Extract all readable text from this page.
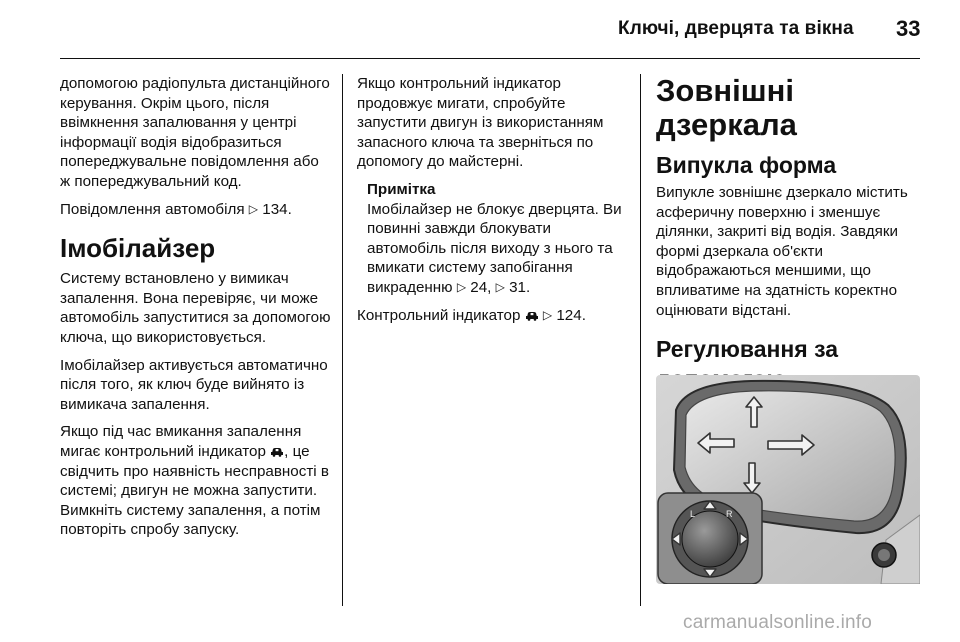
Ключі, дверцята та вікна 33

допомогою радіопульта дистанційного керування. Окрім цього, після ввімкнення запалювання у центрі інформації водія відобразиться попереджувальне повідомлення або ж попереджувальний код.

Повідомлення автомобіля ▷ 134.

Імобілайзер

Систему встановлено у вимикач запалення. Вона перевіряє, чи може автомобіль запуститися за допомогою ключа, що використовується.

Імобілайзер активується автоматично після того, як ключ буде вийнято із вимикача запалення.

Якщо під час вмикання запалення мигає контрольний індикатор , це свідчить про наявність несправності в системі; двигун не можна запустити. Вимкніть систему запалення, а потім повторіть спробу запуску.

Якщо контрольний індикатор продовжує мигати, спробуйте запустити двигун із використанням запасного ключа та зверніться по допомогу до майстерні.

Примітка

Імобілайзер не блокує дверцята. Ви повинні завжди блокувати автомобіль після виходу з нього та вмикати систему запобігання викраденню ▷ 24, ▷ 31.

Контрольний індикатор ▷ 124.

Зовнішні дзеркала
Випукла форма

Випукле зовнішнє дзеркало містить асферичну поверхню і зменшує ділянки, закриті від водія. Завдяки формі дзеркала об'єкти відображаються меншими, що впливатиме на здатність коректно оцінювати відстані.

Регулювання за
L	R
carmanualsonline.info
